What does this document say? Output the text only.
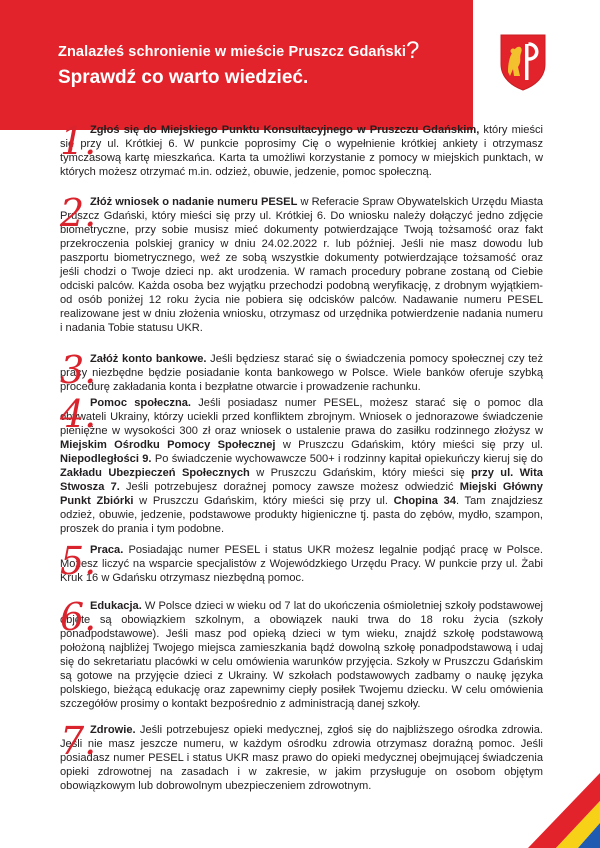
Znalazłeś schronienie w mieście Pruszcz Gdański?
Sprawdź co warto wiedzieć.
1.

Zgłoś się do Miejskiego Punktu Konsultacyjnego w Pruszczu Gdańskim, który mieści się przy ul. Krótkiej 6. W punkcie poprosimy Cię o wypełnienie krótkiej ankiety i otrzymasz tymczasową kartę mieszkańca. Karta ta umożliwi korzystanie z pomocy w miejskich punktach, w których możesz otrzymać m.in. odzież, obuwie, jedzenie, pomoc społeczną.

2.

Złóż wniosek o nadanie numeru PESEL w Referacie Spraw Obywatelskich Urzędu Miasta Pruszcz Gdański, który mieści się przy ul. Krótkiej 6. Do wniosku należy dołączyć jedno zdjęcie biometryczne, przy sobie musisz mieć dokumenty potwierdzające Twoją tożsamość oraz fakt przekroczenia polskiej granicy w dniu 24.02.2022 r. lub później. Jeśli nie masz dowodu lub paszportu biometrycznego, weź ze sobą wszystkie dokumenty potwierdzające tożsamość oraz jeśli chodzi o Twoje dzieci np. akt urodzenia. W ramach procedury pobrane zostaną od Ciebie odciski palców. Każda osoba bez wyjątku przechodzi podobną weryfikację, z drobnym wyjątkiem-od osób poniżej 12 roku życia nie pobiera się odcisków palców. Nadawanie numeru PESEL realizowane jest w dniu złożenia wniosku, otrzymasz od urzędnika potwierdzenie nadania numeru i nadania Tobie statusu UKR.

3.

Załóż konto bankowe. Jeśli będziesz starać się o świadczenia pomocy społecznej czy też pracy niezbędne będzie posiadanie konta bankowego w Polsce. Wiele banków oferuje szybką procedurę zakładania konta i bezpłatne otwarcie i prowadzenie rachunku.

4.

Pomoc społeczna. Jeśli posiadasz numer PESEL, możesz starać się o pomoc dla obywateli Ukrainy, którzy uciekli przed konfliktem zbrojnym. Wniosek o jednorazowe świadczenie pieniężne w wysokości 300 zł oraz wniosek o ustalenie prawa do zasiłku rodzinnego złożysz w Miejskim Ośrodku Pomocy Społecznej w Pruszczu Gdańskim, który mieści się przy ul. Niepodległości 9. Po świadczenie wychowawcze 500+ i rodzinny kapitał opiekuńczy kieruj się do Zakładu Ubezpieczeń Społecznych w Pruszczu Gdańskim, który mieści się przy ul. Wita Stwosza 7. Jeśli potrzebujesz doraźnej pomocy zawsze możesz odwiedzić Miejski Główny Punkt Zbiórki w Pruszczu Gdańskim, który mieści się przy ul. Chopina 34. Tam znajdziesz odzież, obuwie, jedzenie, podstawowe produkty higieniczne tj. pasta do zębów, mydło, szampon, proszek do prania i tym podobne.

5.

Praca. Posiadając numer PESEL i status UKR możesz legalnie podjąć pracę w Polsce. Możesz liczyć na wsparcie specjalistów z Wojewódzkiego Urzędu Pracy. W punkcie przy ul. Żabi Kruk 16 w Gdańsku otrzymasz niezbędną pomoc.

6.

Edukacja. W Polsce dzieci w wieku od 7 lat do ukończenia ośmioletniej szkoły podstawowej objęte są obowiązkiem szkolnym, a obowiązek nauki trwa do 18 roku życia (szkoły ponadpodstawowe). Jeśli masz pod opieką dzieci w tym wieku, znajdź szkołę podstawową położoną najbliżej Twojego miejsca zamieszkania bądź dowolną szkołę ponadpodstawową i udaj się do sekretariatu placówki w celu omówienia warunków przyjęcia. Szkoły w Pruszczu Gdańskim są gotowe na przyjęcie dzieci z Ukrainy. W szkołach podstawowych zadbamy o naukę języka polskiego, bieżącą edukację oraz zapewnimy ciepły posiłek Twojemu dziecku. W celu omówienia szczegółów prosimy o kontakt bezpośrednio z administracją danej szkoły.

7.

Zdrowie. Jeśli potrzebujesz opieki medycznej, zgłoś się do najbliższego ośrodka zdrowia. Jeśli nie masz jeszcze numeru, w każdym ośrodku zdrowia otrzymasz doraźną pomoc. Jeśli posiadasz numer PESEL i status UKR masz prawo do opieki medycznej obejmującej świadczenia opieki zdrowotnej na zasadach i w zakresie, w jakim przysługuje on osobom objętym obowiązkowym lub dobrowolnym ubezpieczeniem zdrowotnym.
